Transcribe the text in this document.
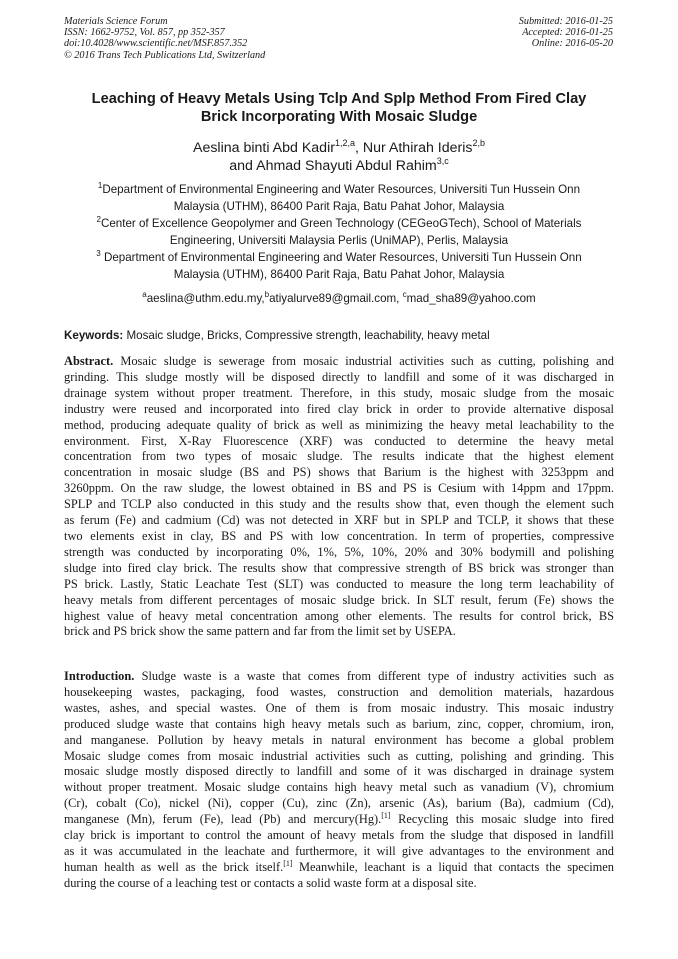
Materials Science Forum
ISSN: 1662-9752, Vol. 857, pp 352-357
doi:10.4028/www.scientific.net/MSF.857.352
© 2016 Trans Tech Publications Ltd, Switzerland
Submitted: 2016-01-25
Accepted: 2016-01-25
Online: 2016-05-20
Leaching of Heavy Metals Using Tclp And Splp Method From Fired Clay
Brick Incorporating With Mosaic Sludge
Aeslina binti Abd Kadir$^{1,2,a}$, Nur Athirah Ideris$^{2,b}$
and Ahmad Shayuti Abdul Rahim$^{3,c}$
$^1$Department of Environmental Engineering and Water Resources, Universiti Tun Hussein Onn
Malaysia (UTHM), 86400 Parit Raja, Batu Pahat Johor, Malaysia
$^2$Center of Excellence Geopolymer and Green Technology (CEGeoGTech), School of Materials
Engineering, Universiti Malaysia Perlis (UniMAP), Perlis, Malaysia
$^3$ Department of Environmental Engineering and Water Resources, Universiti Tun Hussein Onn
Malaysia (UTHM), 86400 Parit Raja, Batu Pahat Johor, Malaysia
$^a$aeslina@uthm.edu.my,$^b$atiyalurve89@gmail.com, $^c$mad_sha89@yahoo.com
Keywords: Mosaic sludge, Bricks, Compressive strength, leachability, heavy metal
Abstract. Mosaic sludge is sewerage from mosaic industrial activities such as cutting, polishing and
grinding. This sludge mostly will be disposed directly to landfill and some of it was discharged in
drainage system without proper treatment. Therefore, in this study, mosaic sludge from the mosaic
industry were reused and incorporated into fired clay brick in order to provide alternative disposal
method, producing adequate quality of brick as well as minimizing the heavy metal leachability to the
environment. First, X-Ray Fluorescence (XRF) was conducted to determine the heavy metal
concentration from two types of mosaic sludge. The results indicate that the highest element
concentration in mosaic sludge (BS and PS) shows that Barium is the highest with 3253ppm and
3260ppm. On the raw sludge, the lowest obtained in BS and PS is Cesium with 14ppm and 17ppm.
SPLP and TCLP also conducted in this study and the results show that, even though the element such
as ferum (Fe) and cadmium (Cd) was not detected in XRF but in SPLP and TCLP, it shows that these
two elements exist in clay, BS and PS with low concentration. In term of properties, compressive
strength was conducted by incorporating 0%, 1%, 5%, 10%, 20% and 30% bodymill and polishing
sludge into fired clay brick. The results show that compressive strength of BS brick was stronger than
PS brick. Lastly, Static Leachate Test (SLT) was conducted to measure the long term leachability of
heavy metals from different percentages of mosaic sludge brick. In SLT result, ferum (Fe) shows the
highest value of heavy metal concentration among other elements. The results for control brick, BS
brick and PS brick show the same pattern and far from the limit set by USEPA.
Introduction. Sludge waste is a waste that comes from different type of industry activities such as
housekeeping wastes, packaging, food wastes, construction and demolition materials, hazardous
wastes, ashes, and special wastes. One of them is from mosaic industry. This mosaic industry
produced sludge waste that contains high heavy metals such as barium, zinc, copper, chromium, iron,
and manganese. Pollution by heavy metals in natural environment has become a global problem
Mosaic sludge comes from mosaic industrial activities such as cutting, polishing and grinding. This
mosaic sludge mostly disposed directly to landfill and some of it was discharged in drainage system
without proper treatment. Mosaic sludge contains high heavy metal such as vanadium (V), chromium
(Cr), cobalt (Co), nickel (Ni), copper (Cu), zinc (Zn), arsenic (As), barium (Ba), cadmium (Cd),
manganese (Mn), ferum (Fe), lead (Pb) and mercury(Hg).[1] Recycling this mosaic sludge into fired
clay brick is important to control the amount of heavy metals from the sludge that disposed in landfill
as it was accumulated in the leachate and furthermore, it will give advantages to the environment and
human health as well as the brick itself.[1] Meanwhile, leachant is a liquid that contacts the specimen
during the course of a leaching test or contacts a solid waste form at a disposal site.
